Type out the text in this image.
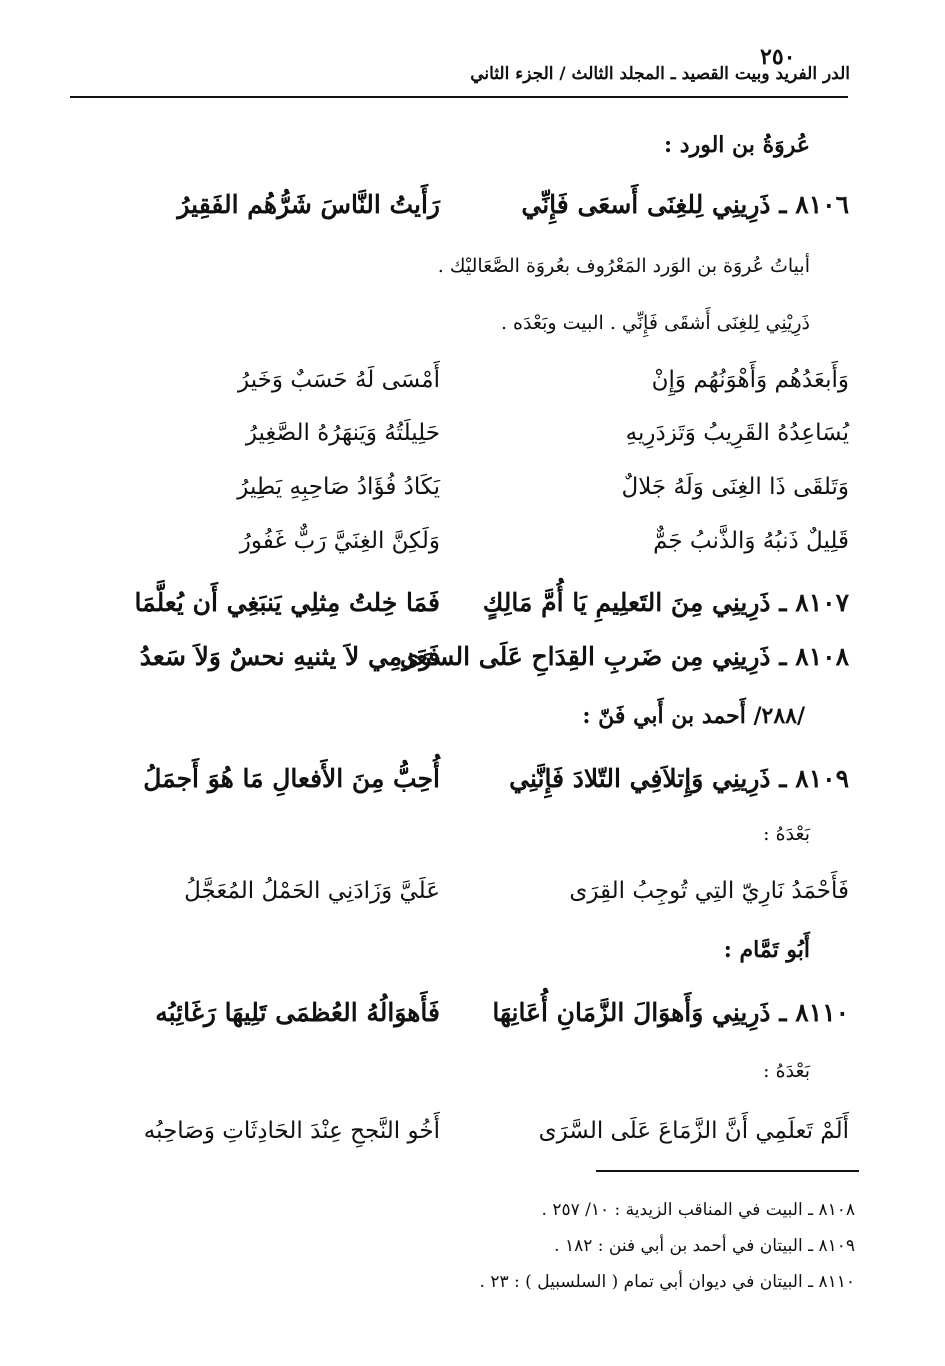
الدر الفريد وبيت القصيد ـ المجلد الثالث / الجزء الثاني
٢٥٠
عُروَةُ بن الورد :
٨١٠٦ ـ ذَرِينِي لِلغِنَى أَسعَى فَإِنِّي
رَأَيتُ النَّاسَ شَرُّهُم الفَقِيرُ
أبياتُ عُروَة بن الوَرد المَعْرُوف بعُروَة الصَّعَاليْك .
ذَرِيْنِي لِلغِنَى أَشقَى فَإِنِّي . البيت وبَعْدَه .
وَأَبعَدُهُم وَأَهْوَنُهُم وَإِنْ
أَمْسَى لَهُ حَسَبٌ وَخَيرُ
يُسَاعِدُهُ القَرِيبُ وَتَزدَرِيهِ
حَلِيلَتُهُ وَيَنهَرُهُ الصَّغِيرُ
وَتَلقَى ذَا الغِنَى وَلَهُ جَلالٌ
يَكَادُ فُؤَادُ صَاحِبِهِ يَطِيرُ
قَلِيلٌ ذَنبُهُ وَالذَّنبُ جَمٌّ
وَلَكِنَّ الغِنَيَّ رَبٌّ غَفُورُ
٨١٠٧ ـ ذَرِينِي مِنَ التَعلِيمِ يَا أُمَّ مَالِكٍ
فَمَا خِلتُ مِثلِي يَنبَغِي أَن يُعلَّمَا
٨١٠٨ ـ ذَرِينِي مِن ضَربِ القِدَاحِ عَلَى السرَى
فَعَزمِي لاَ يثنيهِ نحسٌ وَلاَ سَعدُ
/٢٨٨/ أَحمد بن أَبي فَنّ :
٨١٠٩ ـ ذَرِينِي وَإِتلاَفِي التّلادَ فَإِنَّنِي
أُحِبُّ مِنَ الأَفعالِ مَا هُوَ أَجمَلُ
بَعْدَهُ :
فَأَحْمَدُ نَارِيّ التِي تُوجِبُ القِرَى
عَلَيَّ وَزَادَنِي الحَمْلُ المُعَجَّلُ
أَبُو تَمَّام :
٨١١٠ ـ ذَرِينِي وَأَهوَالَ الزَّمَانِ أُعَانِهَا
فَأَهوَالُهُ العُظمَى تَلِيهَا رَغَائِبُه
بَعْدَهُ :
أَلَمْ تَعلَمِي أَنَّ الزَّمَاعَ عَلَى السَّرَى
أَخُو النَّجحِ عِنْدَ الحَادِثَاتِ وَصَاحِبُه
٨١٠٨ ـ البيت في المناقب الزيدية : ١٠/ ٢٥٧ .
٨١٠٩ ـ البيتان في أحمد بن أبي فنن : ١٨٢ .
٨١١٠ ـ البيتان في ديوان أبي تمام ( السلسبيل ) : ٢٣ .
